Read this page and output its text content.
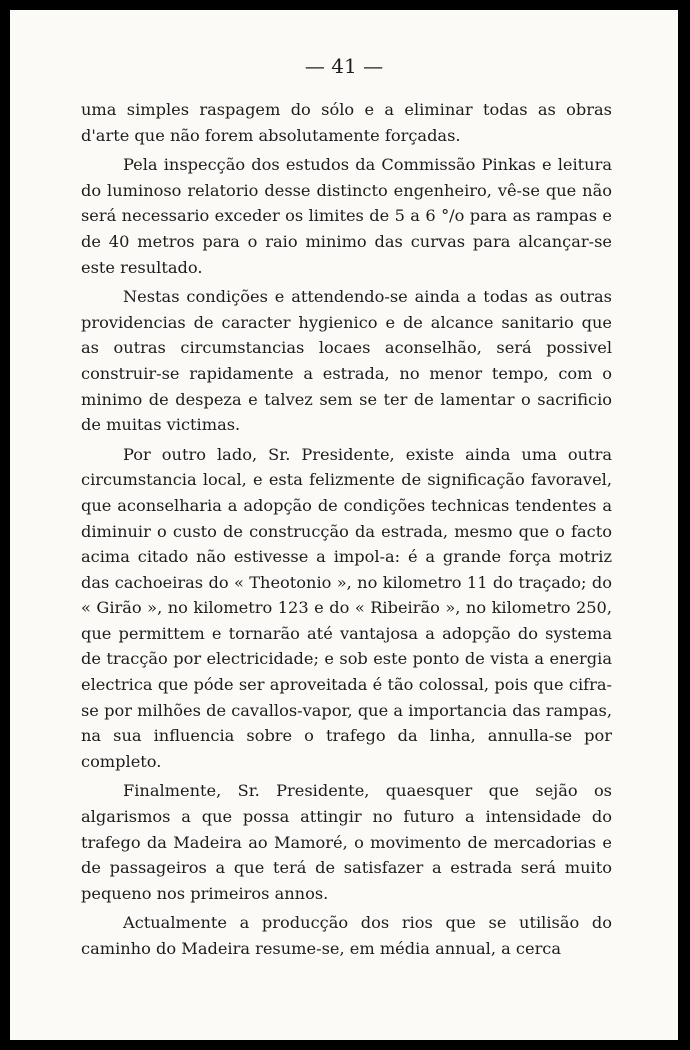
— 41 —

uma simples raspagem do sólo e a eliminar todas as obras d'arte que não forem absolutamente forçadas.

Pela inspecção dos estudos da Commissão Pinkas e leitura do luminoso relatorio desse distincto engenheiro, vê-se que não será necessario exceder os limites de 5 a 6 °/o para as rampas e de 40 metros para o raio minimo das curvas para alcançar-se este resultado.

Nestas condições e attendendo-se ainda a todas as outras providencias de caracter hygienico e de alcance sanitario que as outras circumstancias locaes aconselhão, será possivel construir-se rapidamente a estrada, no menor tempo, com o minimo de despeza e talvez sem se ter de lamentar o sacrificio de muitas victimas.

Por outro lado, Sr. Presidente, existe ainda uma outra circumstancia local, e esta felizmente de significação favoravel, que aconselharia a adopção de condições technicas tendentes a diminuir o custo de construcção da estrada, mesmo que o facto acima citado não estivesse a impol-a: é a grande força motriz das cachoeiras do « Theotonio », no kilometro 11 do traçado; do « Girão », no kilometro 123 e do « Ribeirão », no kilometro 250, que permittem e tornarão até vantajosa a adopção do systema de tracção por electricidade; e sob este ponto de vista a energia electrica que póde ser aproveitada é tão colossal, pois que cifra-se por milhões de cavallos-vapor, que a importancia das rampas, na sua influencia sobre o trafego da linha, annulla-se por completo.

Finalmente, Sr. Presidente, quaesquer que sejão os algarismos a que possa attingir no futuro a intensidade do trafego da Madeira ao Mamoré, o movimento de mercadorias e de passageiros a que terá de satisfazer a estrada será muito pequeno nos primeiros annos.

Actualmente a producção dos rios que se utilisão do caminho do Madeira resume-se, em média annual, a cerca
